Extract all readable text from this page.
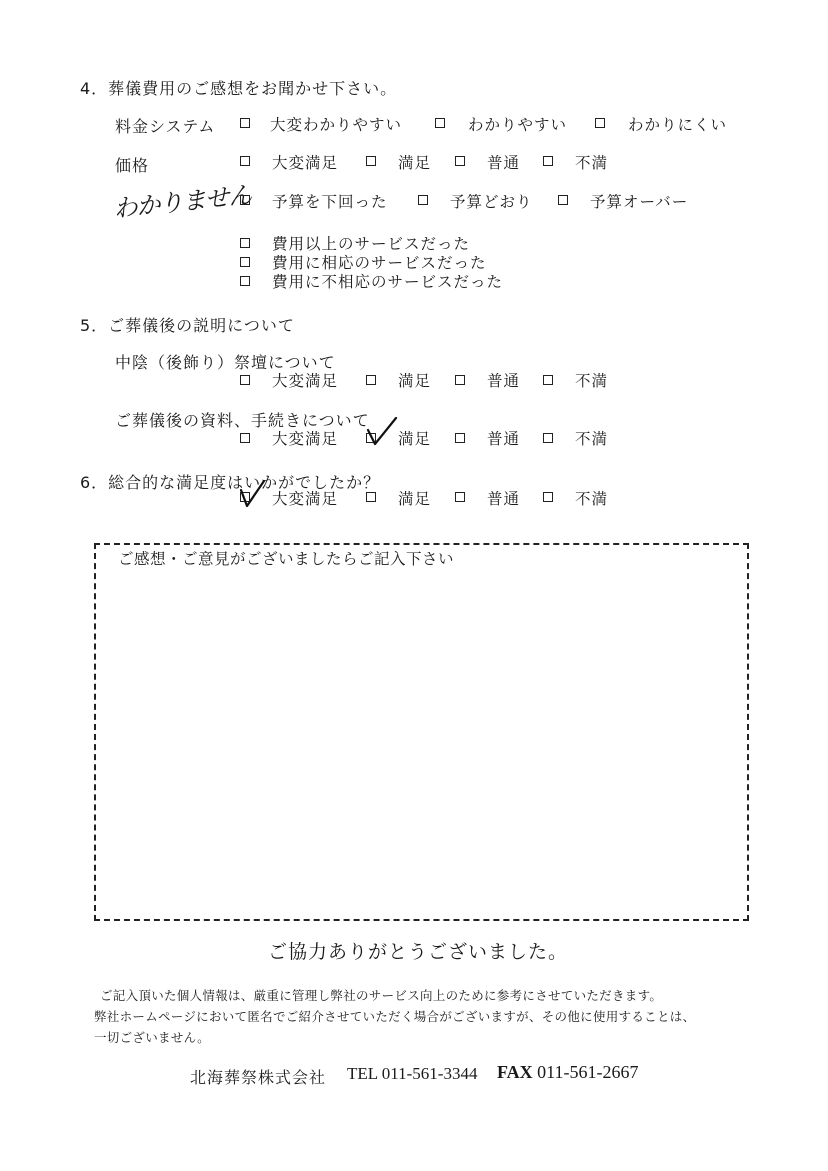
4．葬儀費用のご感想をお聞かせ下さい。
料金システム	大変わかりやすい	わかりやすい	わかりにくい
価格	大変満足	満足	普通	不満
わかりません 予算を下回った	予算どおり	予算オーバー
費用以上のサービスだった
費用に相応のサービスだった
費用に不相応のサービスだった
5．ご葬儀後の説明について
中陰（後飾り）祭壇について
大変満足	満足	普通	不満
ご葬儀後の資料、手続きについて
大変満足	満足	普通	不満
6．総合的な満足度はいかがでしたか？
大変満足	満足	普通	不満
ご感想・ご意見がございましたらご記入下さい
ご協力ありがとうございました。
ご記入頂いた個人情報は、厳重に管理し弊社のサービス向上のために参考にさせていただきます。
弊社ホームページにおいて匿名でご紹介させていただく場合がございますが、その他に使用することは、
一切ございません。
北海葬祭株式会社 TEL 011-561-3344 FAX 011-561-2667
